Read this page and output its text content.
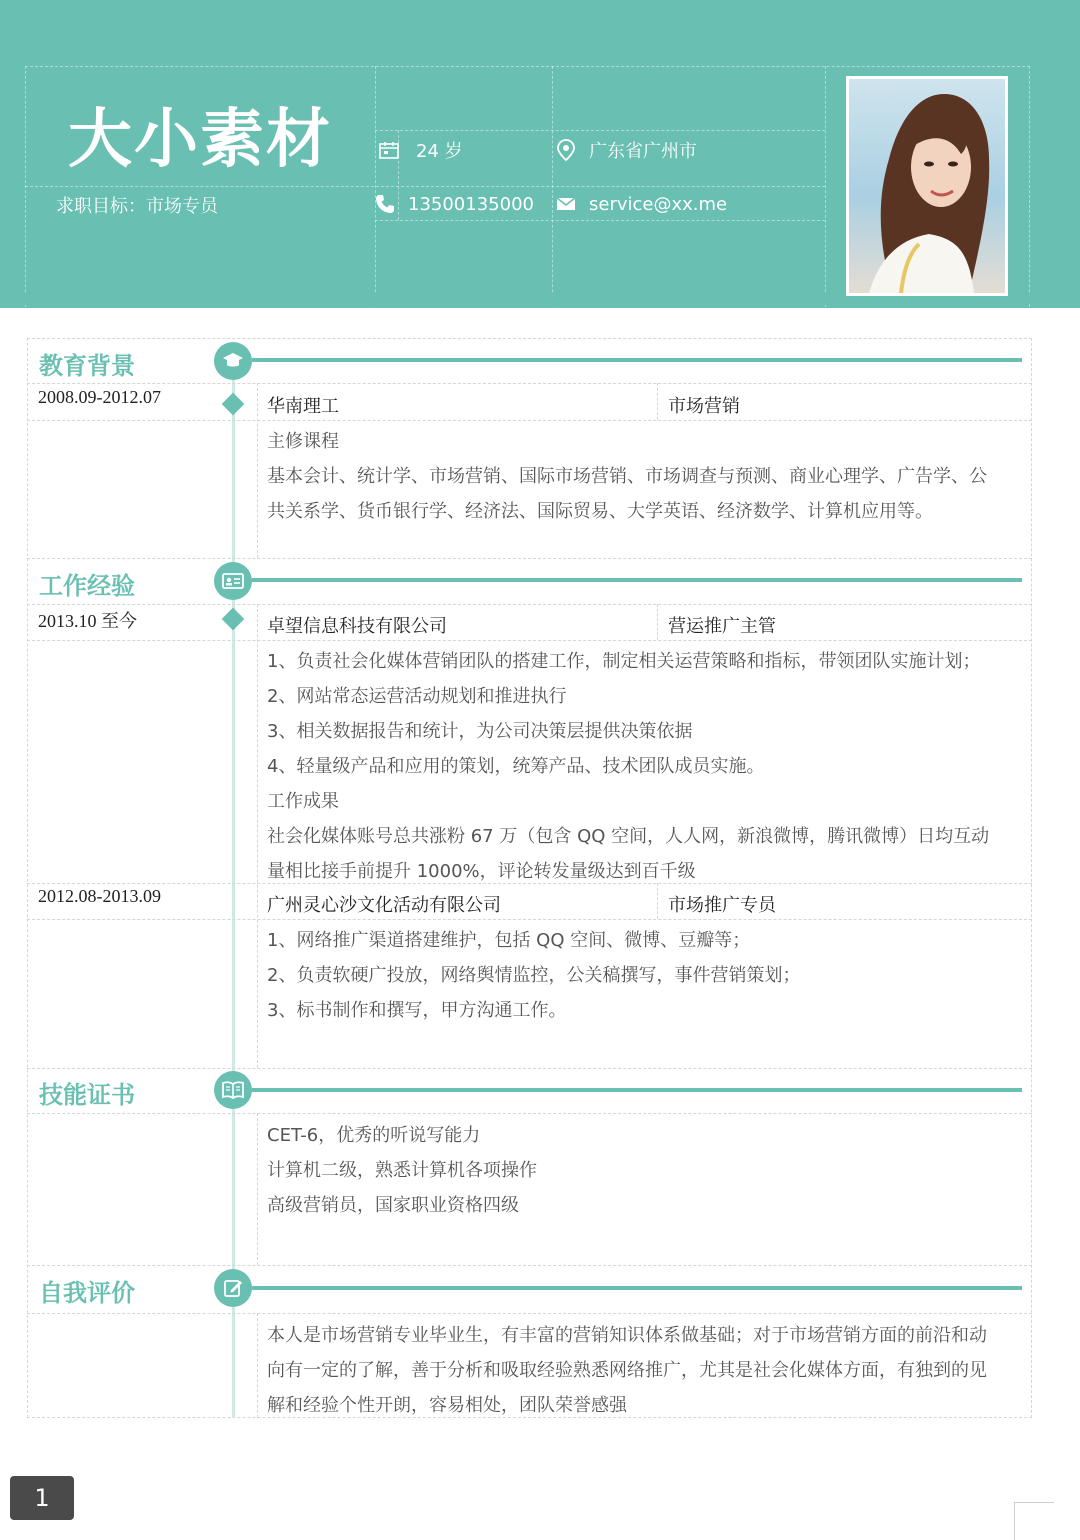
大小素材
求职目标：市场专员
24 岁	广东省广州市
13500135000	service@xx.me
教育背景
2008.09-2012.07	华南理工	市场营销
主修课程
基本会计、统计学、市场营销、国际市场营销、市场调查与预测、商业心理学、广告学、公
共关系学、货币银行学、经济法、国际贸易、大学英语、经济数学、计算机应用等。
工作经验
2013.10 至今	卓望信息科技有限公司	营运推广主管
1、负责社会化媒体营销团队的搭建工作，制定相关运营策略和指标，带领团队实施计划；
2、网站常态运营活动规划和推进执行
3、相关数据报告和统计，为公司决策层提供决策依据
4、轻量级产品和应用的策划，统筹产品、技术团队成员实施。
工作成果
社会化媒体账号总共涨粉 67 万（包含 QQ 空间，人人网，新浪微博，腾讯微博）日均互动
量相比接手前提升 1000%，评论转发量级达到百千级
2012.08-2013.09	广州灵心沙文化活动有限公司	市场推广专员
1、网络推广渠道搭建维护，包括 QQ 空间、微博、豆瓣等；
2、负责软硬广投放，网络舆情监控，公关稿撰写，事件营销策划；
3、标书制作和撰写，甲方沟通工作。
技能证书
CET-6，优秀的听说写能力
计算机二级，熟悉计算机各项操作
高级营销员，国家职业资格四级
自我评价
本人是市场营销专业毕业生，有丰富的营销知识体系做基础；对于市场营销方面的前沿和动
向有一定的了解，善于分析和吸取经验熟悉网络推广，尤其是社会化媒体方面，有独到的见
解和经验个性开朗，容易相处，团队荣誉感强
1
